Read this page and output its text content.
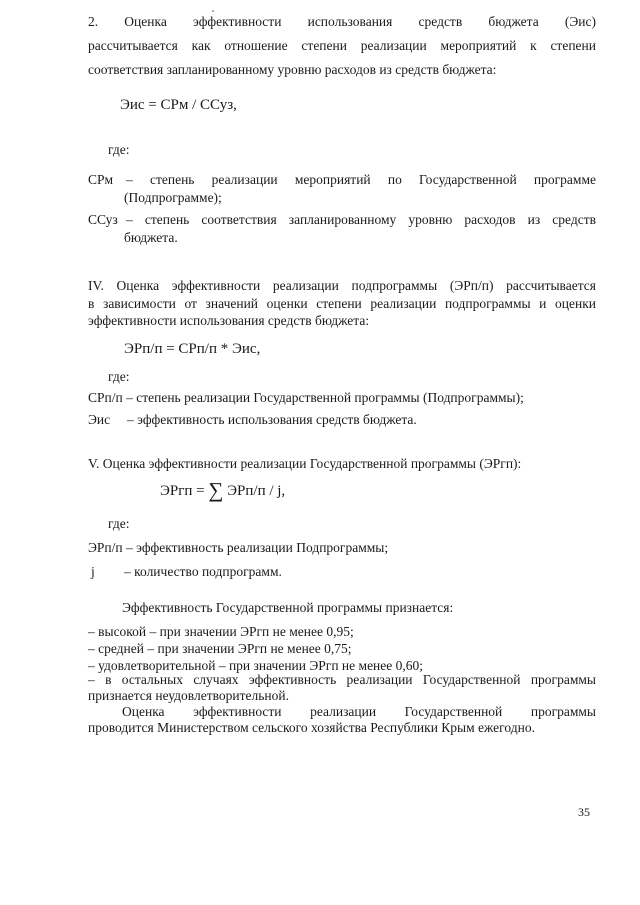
2. Оценка эффективности использования средств бюджета (Эис)

рассчитывается как отношение степени реализации мероприятий к степени

соответствия запланированному уровню расходов из средств бюджета:

Эис = СРм / ССуз,

где:

СРм – степень реализации мероприятий по Государственной программе

(Подпрограмме);

ССуз – степень соответствия запланированному уровню расходов из средств

бюджета.

IV. Оценка эффективности реализации подпрограммы (ЭРп/п) рассчитывается

в зависимости от значений оценки степени реализации подпрограммы и оценки

эффективности использования средств бюджета:

ЭРп/п = СРп/п * Эис,

где:

СРп/п – степень реализации Государственной программы (Подпрограммы);

Эис – эффективность использования средств бюджета.

V. Оценка эффективности реализации Государственной программы (ЭРгп):

ЭРгп = ∑ ЭРп/п / j,

где:

ЭРп/п – эффективность реализации Подпрограммы;

j – количество подпрограмм.

Эффективность Государственной программы признается:

– высокой – при значении ЭРгп не менее 0,95;

– средней – при значении ЭРгп не менее 0,75;

– удовлетворительной – при значении ЭРгп не менее 0,60;

– в остальных случаях эффективность реализации Государственной программы

признается неудовлетворительной.

Оценка эффективности реализации Государственной программы

проводится Министерством сельского хозяйства Республики Крым ежегодно.

35
